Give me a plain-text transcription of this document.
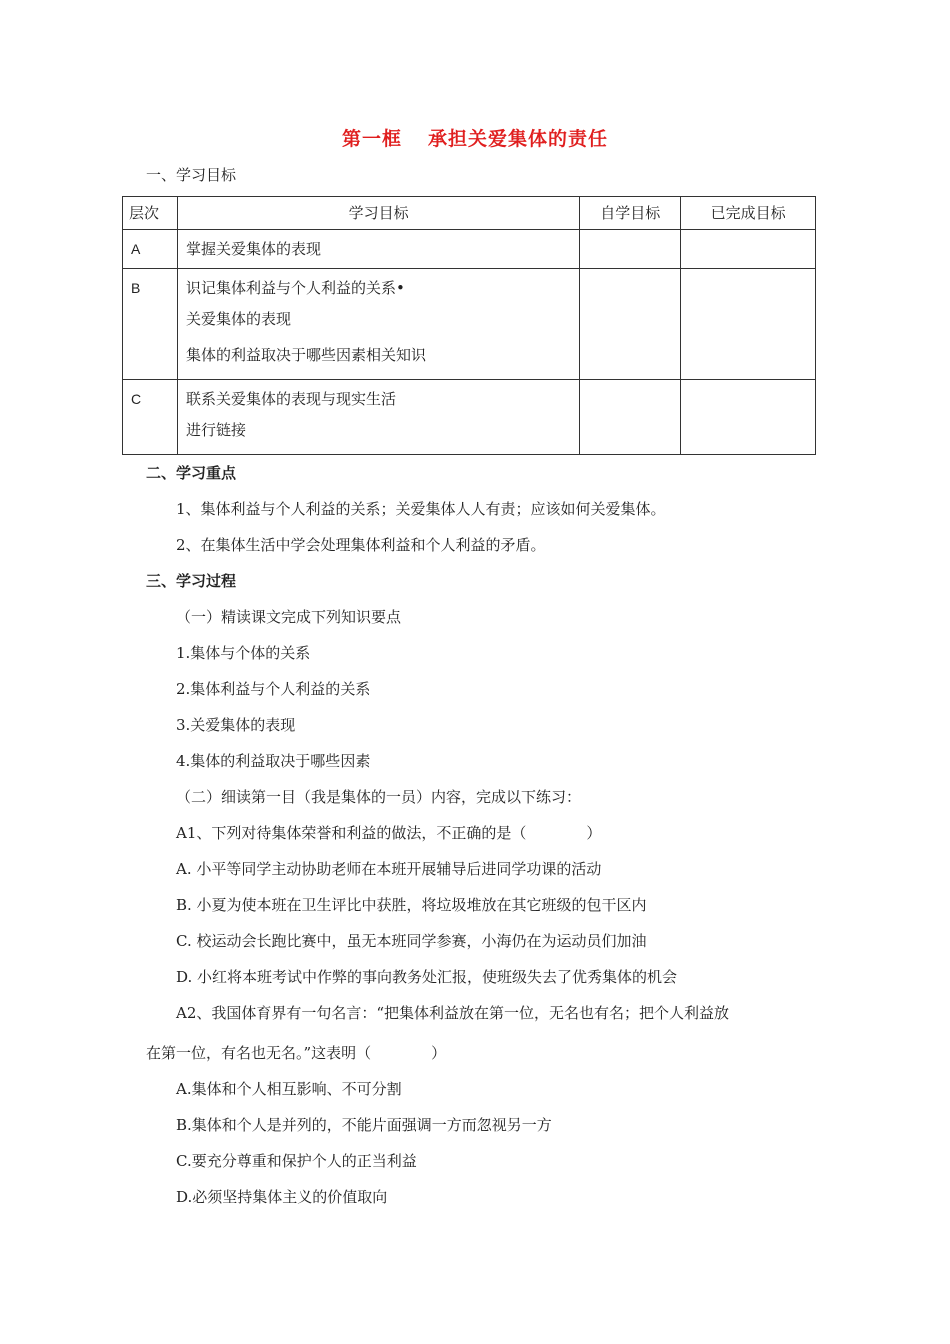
第一框 承担关爱集体的责任
一、学习目标
层次	学习目标	自学目标	已完成目标
A	掌握关爱集体的表现		

B	识记集体利益与个人利益的关系•
关爱集体的表现
集体的利益取决于哪些因素相关知识		

C	联系关爱集体的表现与现实生活
进行链接		

二、学习重点
1、集体利益与个人利益的关系；关爱集体人人有责；应该如何关爱集体。
2、在集体生活中学会处理集体利益和个人利益的矛盾。
三、学习过程
（一）精读课文完成下列知识要点
1.集体与个体的关系
2.集体利益与个人利益的关系
3.关爱集体的表现
4.集体的利益取决于哪些因素
（二）细读第一目（我是集体的一员）内容，完成以下练习：
A1、下列对待集体荣誉和利益的做法，不正确的是（　　　　）
A. 小平等同学主动协助老师在本班开展辅导后进同学功课的活动
B. 小夏为使本班在卫生评比中获胜，将垃圾堆放在其它班级的包干区内
C. 校运动会长跑比赛中，虽无本班同学参赛，小海仍在为运动员们加油
D. 小红将本班考试中作弊的事向教务处汇报，使班级失去了优秀集体的机会
A2、我国体育界有一句名言：“把集体利益放在第一位，无名也有名；把个人利益放
在第一位，有名也无名。”这表明（　　　　）
A.集体和个人相互影响、不可分割
B.集体和个人是并列的，不能片面强调一方而忽视另一方
C.要充分尊重和保护个人的正当利益
D.必须坚持集体主义的价值取向
